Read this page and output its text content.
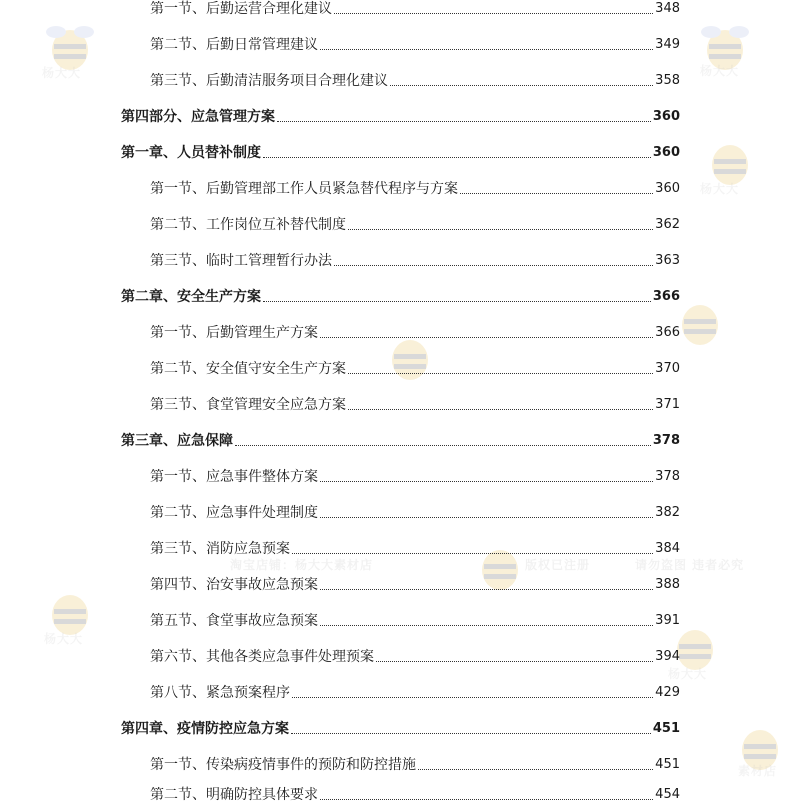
杨大大	杨大大
杨大大
杨大大
杨大大
素材店
淘宝店铺：杨大大素材店	版权已注册	请勿盗图 违者必究
第一节、后勤运营合理化建议	348
第二节、后勤日常管理建议	349
第三节、后勤清洁服务项目合理化建议	358
第四部分、应急管理方案	360
第一章、人员替补制度	360
第一节、后勤管理部工作人员紧急替代程序与方案	360
第二节、工作岗位互补替代制度	362
第三节、临时工管理暂行办法	363
第二章、安全生产方案	366
第一节、后勤管理生产方案	366
第二节、安全值守安全生产方案	370
第三节、食堂管理安全应急方案	371
第三章、应急保障	378
第一节、应急事件整体方案	378
第二节、应急事件处理制度	382
第三节、消防应急预案	384
第四节、治安事故应急预案	388
第五节、食堂事故应急预案	391
第六节、其他各类应急事件处理预案	394
第八节、紧急预案程序	429
第四章、疫情防控应急方案	451
第一节、传染病疫情事件的预防和防控措施	451
第二节、明确防控具体要求	454
